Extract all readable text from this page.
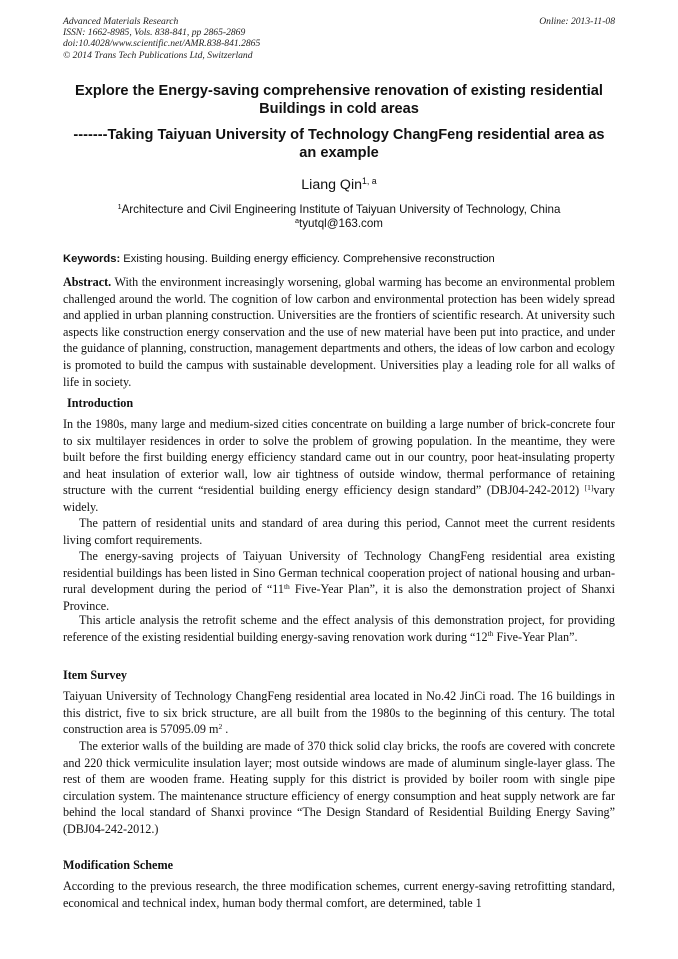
Advanced Materials Research
ISSN: 1662-8985, Vols. 838-841, pp 2865-2869
doi:10.4028/www.scientific.net/AMR.838-841.2865
© 2014 Trans Tech Publications Ltd, Switzerland
Online: 2013-11-08
Explore the Energy-saving comprehensive renovation of existing residential Buildings in cold areas
-------Taking Taiyuan University of Technology ChangFeng residential area as an example
Liang Qin$^{1, a}$
$^1$Architecture and Civil Engineering Institute of Taiyuan University of Technology, China
$^a$tyutql@163.com
Keywords: Existing housing. Building energy efficiency. Comprehensive reconstruction

Abstract. With the environment increasingly worsening, global warming has become an environmental problem challenged around the world. The cognition of low carbon and environmental protection has been widely spread and applied in urban planning construction. Universities are the frontiers of scientific research. At university such aspects like construction energy conservation and the use of new material have been put into practice, and under the guidance of planning, construction, management departments and others, the ideas of low carbon and ecology is promoted to build the campus with sustainable development. Universities play a leading role for all walks of life in society.

Introduction

In the 1980s, many large and medium-sized cities concentrate on building a large number of brick-concrete four to six multilayer residences in order to solve the problem of growing population. In the meantime, they were built before the first building energy efficiency standard came out in our country, poor heat-insulating property and heat insulation of exterior wall, low air tightness of outside window, thermal performance of retaining structure with the current “residential building energy efficiency design standard” (DBJ04-242-2012) [1]vary widely.

The pattern of residential units and standard of area during this period, Cannot meet the current residents living comfort requirements.

The energy-saving projects of Taiyuan University of Technology ChangFeng residential area existing residential buildings has been listed in Sino German technical cooperation project of national housing and urban-rural development during the period of “11th Five-Year Plan”, it is also the demonstration project of Shanxi Province.

This article analysis the retrofit scheme and the effect analysis of this demonstration project, for providing reference of the existing residential building energy-saving renovation work during “12th Five-Year Plan”.

Item Survey

Taiyuan University of Technology ChangFeng residential area located in No.42 JinCi road. The 16 buildings in this district, five to six brick structure, are all built from the 1980s to the beginning of this century. The total construction area is 57095.09 $m^2$ .

The exterior walls of the building are made of 370 thick solid clay bricks, the roofs are covered with concrete and 220 thick vermiculite insulation layer; most outside windows are made of aluminum single-layer glass. The rest of them are wooden frame. Heating supply for this district is provided by boiler room with single pipe circulation system. The maintenance structure efficiency of energy consumption and heat supply network are far behind the local standard of Shanxi province “The Design Standard of Residential Building Energy Saving” (DBJ04-242-2012.)

Modification Scheme

According to the previous research, the three modification schemes, current energy-saving retrofitting standard, economical and technical index, human body thermal comfort, are determined, table 1
